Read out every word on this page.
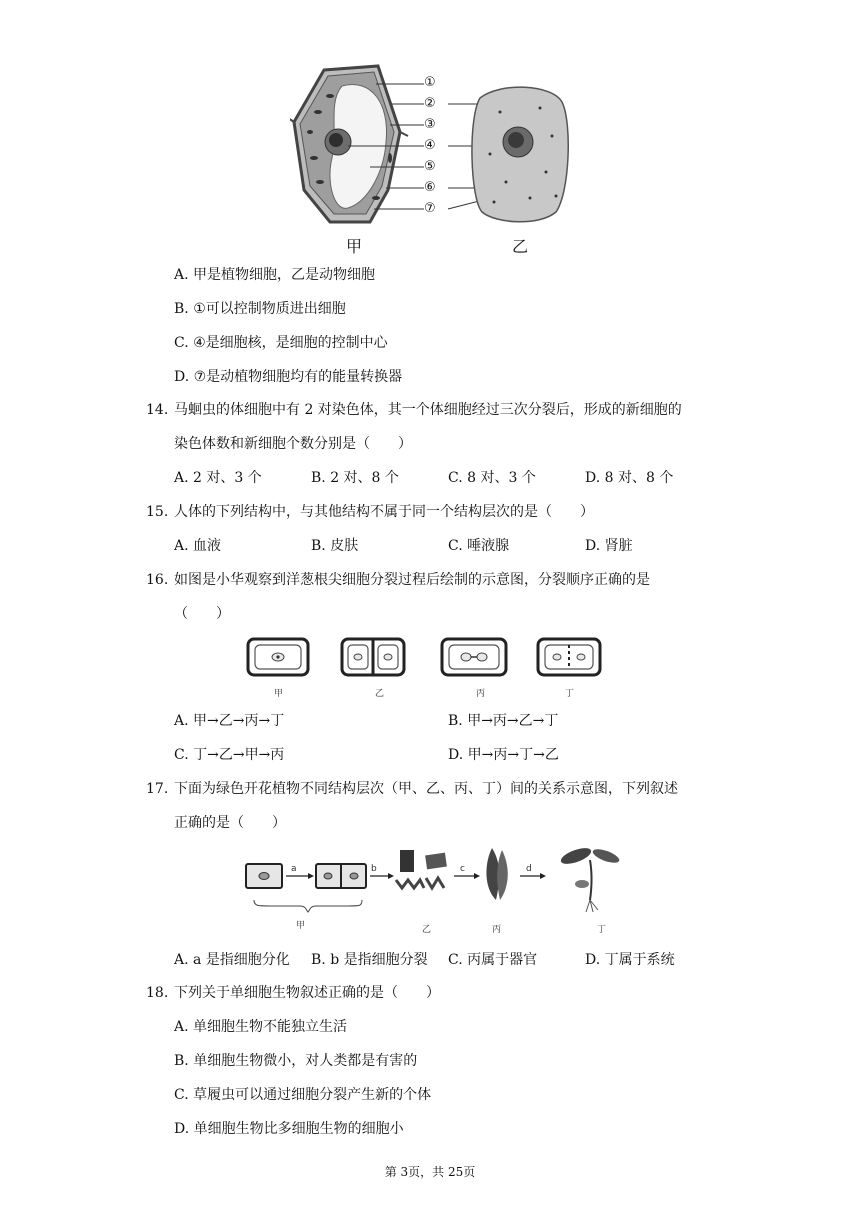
①
②
③
④
⑤
⑥
⑦
甲	乙
A. 甲是植物细胞，乙是动物细胞
B. ①可以控制物质进出细胞
C. ④是细胞核，是细胞的控制中心
D. ⑦是动植物细胞均有的能量转换器
14. 马蛔虫的体细胞中有 2 对染色体，其一个体细胞经过三次分裂后，形成的新细胞的
染色体数和新细胞个数分别是（　　）
A. 2 对、3 个	B. 2 对、8 个	C. 8 对、3 个	D. 8 对、8 个
15. 人体的下列结构中，与其他结构不属于同一个结构层次的是（　　）
A. 血液	B. 皮肤	C. 唾液腺	D. 肾脏
16. 如图是小华观察到洋葱根尖细胞分裂过程后绘制的示意图，分裂顺序正确的是
（　　）
甲	乙	丙	丁
A. 甲→乙→丙→丁	B. 甲→丙→乙→丁
C. 丁→乙→甲→丙	D. 甲→丙→丁→乙
17. 下面为绿色开花植物不同结构层次（甲、乙、丙、丁）间的关系示意图，下列叙述
正确的是（　　）
a	b	c	d
甲	乙	丙	丁
A. a 是指细胞分化 B. b 是指细胞分裂 C. 丙属于器官	D. 丁属于系统
18. 下列关于单细胞生物叙述正确的是（　　）
A. 单细胞生物不能独立生活
B. 单细胞生物微小，对人类都是有害的
C. 草履虫可以通过细胞分裂产生新的个体
D. 单细胞生物比多细胞生物的细胞小
第 3页，共 25页
